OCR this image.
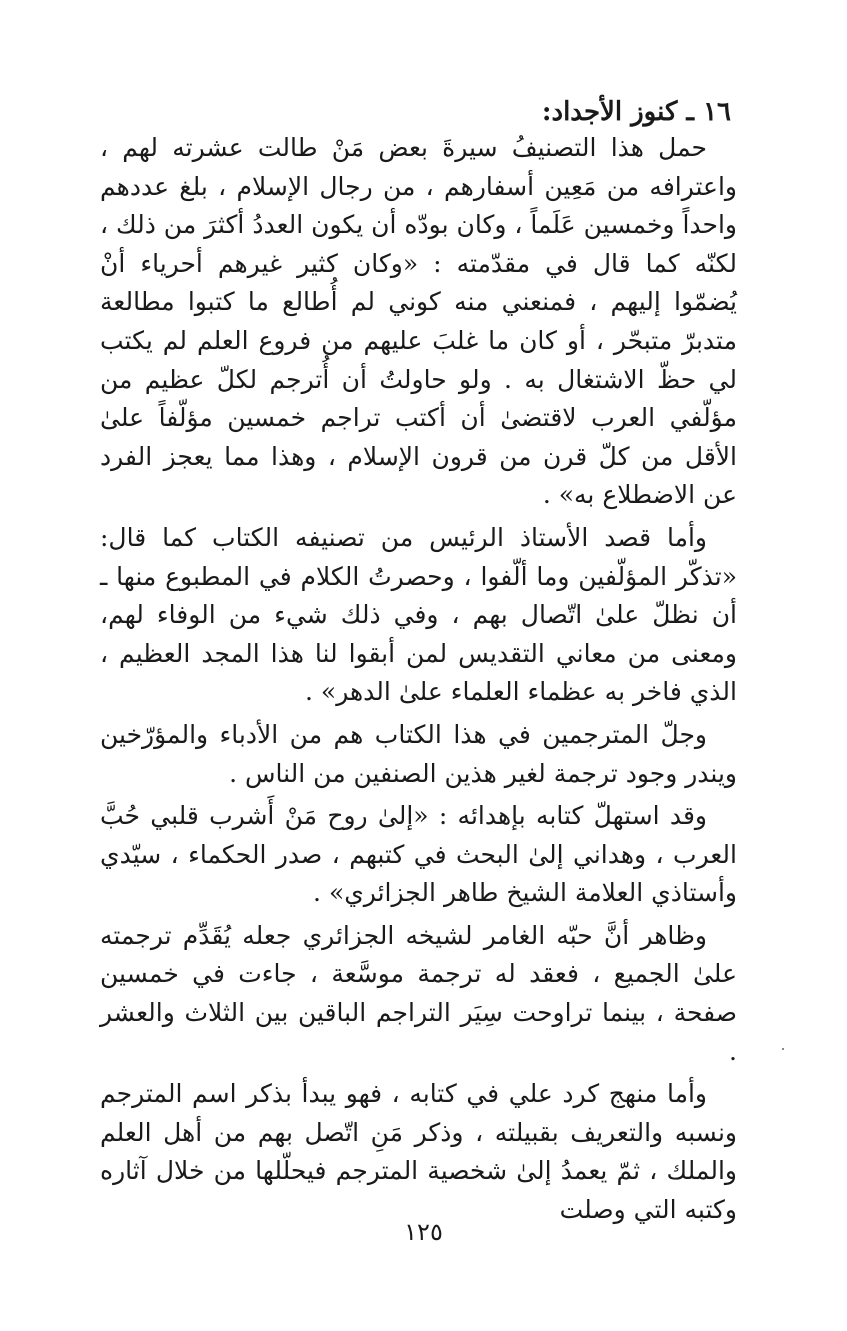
١٦ ـ كنوز الأجداد:

حمل هذا التصنيفُ سيرةَ بعض مَنْ طالت عشرته لهم ، واعترافه من مَعِين أسفارهم ، من رجال الإسلام ، بلغ عددهم واحداً وخمسين عَلَماً ، وكان بودّه أن يكون العددُ أكثرَ من ذلك ، لكنّه كما قال في مقدّمته : «وكان كثير غيرهم أحرياء أنْ يُضمّوا إليهم ، فمنعني منه كوني لم أُطالع ما كتبوا مطالعة متدبرّ متبحّر ، أو كان ما غلبَ عليهم من فروع العلم لم يكتب لي حظّ الاشتغال به . ولو حاولتُ أن أُترجم لكلّ عظيم من مؤلّفي العرب لاقتضىٰ أن أكتب تراجم خمسين مؤلّفاً علىٰ الأقل من كلّ قرن من قرون الإسلام ، وهذا مما يعجز الفرد عن الاضطلاع به» .

وأما قصد الأستاذ الرئيس من تصنيفه الكتاب كما قال: «تذكّر المؤلّفين وما ألّفوا ، وحصرتُ الكلام في المطبوع منها ـ أن نظلّ علىٰ اتّصال بهم ، وفي ذلك شيء من الوفاء لهم، ومعنى من معاني التقديس لمن أبقوا لنا هذا المجد العظيم ، الذي فاخر به عظماء العلماء علىٰ الدهر» .

وجلّ المترجمين في هذا الكتاب هم من الأدباء والمؤرّخين ويندر وجود ترجمة لغير هذين الصنفين من الناس .

وقد استهلّ كتابه بإهدائه : «إلىٰ روح مَنْ أَشرب قلبي حُبَّ العرب ، وهداني إلىٰ البحث في كتبهم ، صدر الحكماء ، سيّدي وأستاذي العلامة الشيخ طاهر الجزائري» .

وظاهر أنَّ حبّه الغامر لشيخه الجزائري جعله يُقَدِّم ترجمته علىٰ الجميع ، فعقد له ترجمة موسَّعة ، جاءت في خمسين صفحة ، بينما تراوحت سِيَر التراجم الباقين بين الثلاث والعشر .

وأما منهج كرد علي في كتابه ، فهو يبدأ بذكر اسم المترجم ونسبه والتعريف بقبيلته ، وذكر مَنِ اتّصل بهم من أهل العلم والملك ، ثمّ يعمدُ إلىٰ شخصية المترجم فيحلّلها من خلال آثاره وكتبه التي وصلت

١٢٥
